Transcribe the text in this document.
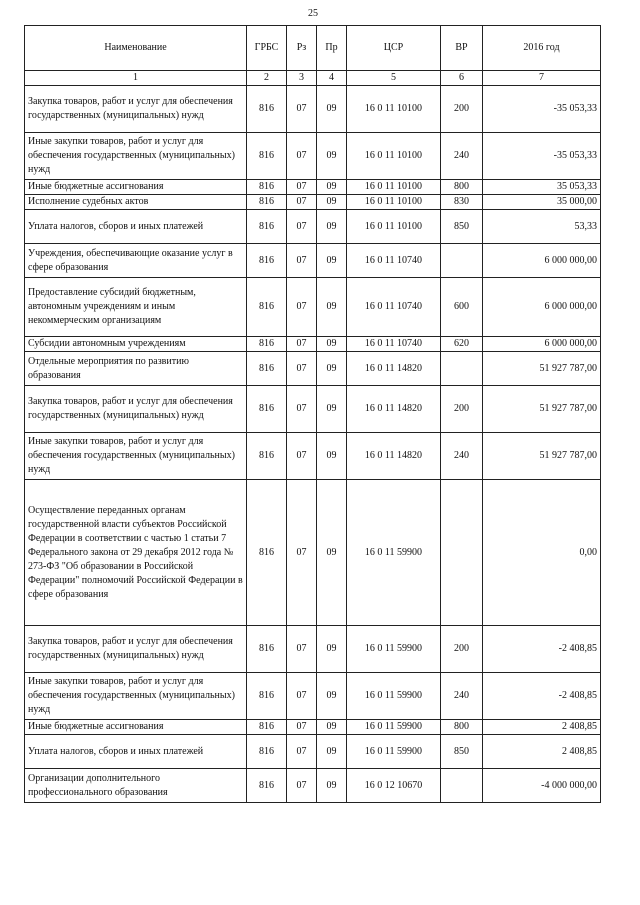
25
Наименование	ГРБС	Рз	Пр	ЦСР	ВР	2016 год
1	2	3	4	5	6	7
Закупка товаров, работ и услуг для обеспечения государственных (муниципальных) нужд	816	07	09	16 0 11 10100	200	-35 053,33
Иные закупки товаров, работ и услуг для обеспечения государственных (муниципальных) нужд	816	07	09	16 0 11 10100	240	-35 053,33
Иные бюджетные ассигнования	816	07	09	16 0 11 10100	800	35 053,33
Исполнение судебных актов	816	07	09	16 0 11 10100	830	35 000,00
Уплата налогов, сборов и иных платежей	816	07	09	16 0 11 10100	850	53,33
Учреждения, обеспечивающие оказание услуг в сфере образования	816	07	09	16 0 11 10740		6 000 000,00
Предоставление субсидий бюджетным, автономным учреждениям и иным некоммерческим организациям	816	07	09	16 0 11 10740	600	6 000 000,00
Субсидии автономным учреждениям	816	07	09	16 0 11 10740	620	6 000 000,00
Отдельные мероприятия по развитию образования	816	07	09	16 0 11 14820		51 927 787,00
Закупка товаров, работ и услуг для обеспечения государственных (муниципальных) нужд	816	07	09	16 0 11 14820	200	51 927 787,00
Иные закупки товаров, работ и услуг для обеспечения государственных (муниципальных) нужд	816	07	09	16 0 11 14820	240	51 927 787,00
Осуществление переданных органам государственной власти субъектов Российской Федерации в соответствии с частью 1 статьи 7 Федерального закона от 29 декабря 2012 года № 273-ФЗ "Об образовании в Российской Федерации" полномочий Российской Федерации в сфере образования	816	07	09	16 0 11 59900		0,00
Закупка товаров, работ и услуг для обеспечения государственных (муниципальных) нужд	816	07	09	16 0 11 59900	200	-2 408,85
Иные закупки товаров, работ и услуг для обеспечения государственных (муниципальных) нужд	816	07	09	16 0 11 59900	240	-2 408,85
Иные бюджетные ассигнования	816	07	09	16 0 11 59900	800	2 408,85
Уплата налогов, сборов и иных платежей	816	07	09	16 0 11 59900	850	2 408,85
Организации дополнительного профессионального образования	816	07	09	16 0 12 10670		-4 000 000,00
